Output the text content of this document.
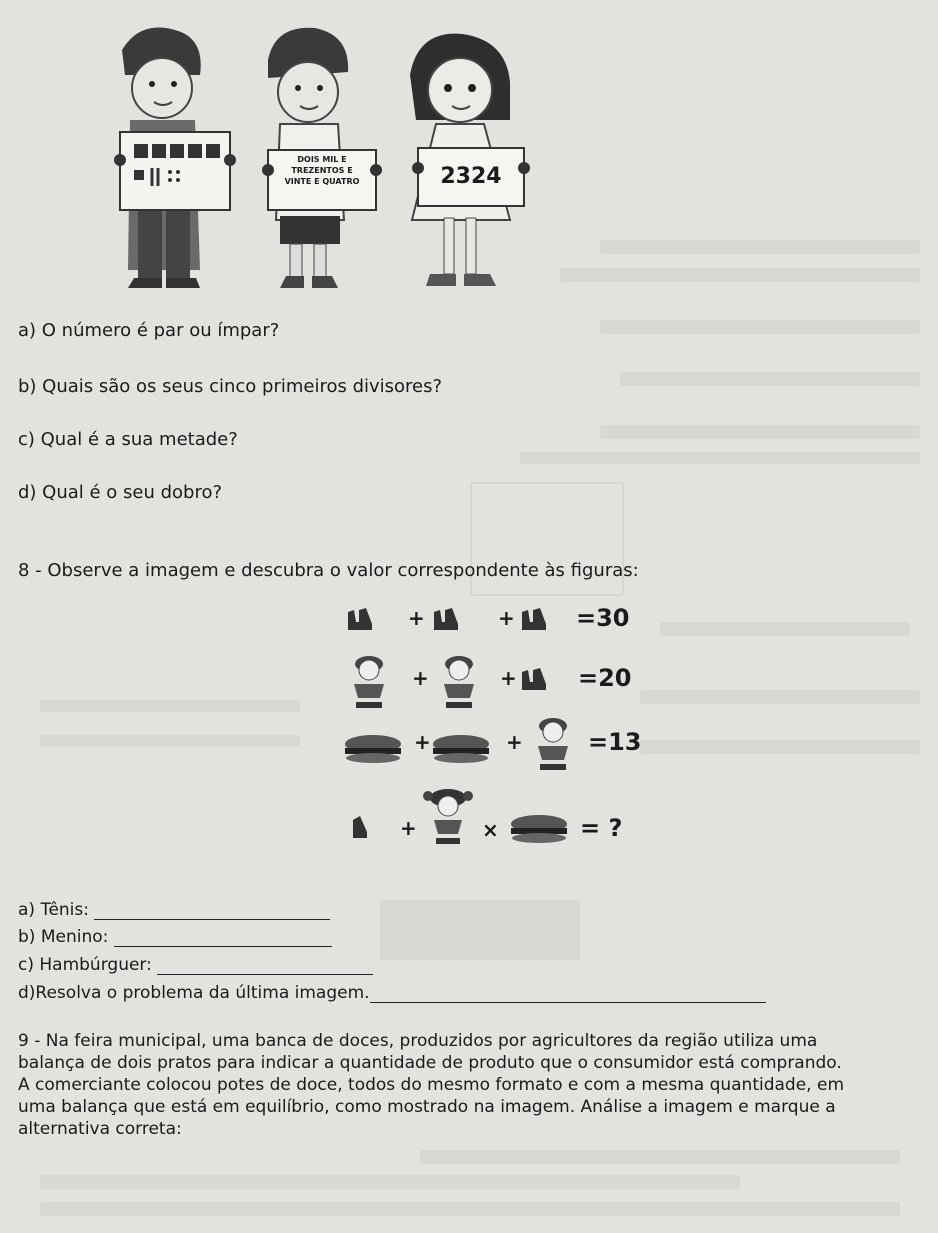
DOIS MIL E
TREZENTOS E
VINTE E QUATRO	2324
a) O número é par ou ímpar?
b) Quais são os seus cinco primeiros divisores?
c) Qual é a sua metade?
d) Qual é o seu dobro?
8 - Observe a imagem e descubra o valor correspondente às figuras:
+	+	=30
+	+	=20
+	+	=13
+	×	= ?
a) Tênis:
b) Menino:
c) Hambúrguer:
d)Resolva o problema da última imagem.
9 - Na feira municipal, uma banca de doces, produzidos por agricultores da região utiliza uma
balança de dois pratos para indicar a quantidade de produto que o consumidor está comprando.
A comerciante colocou potes de doce, todos do mesmo formato e com a mesma quantidade, em
uma balança que está em equilíbrio, como mostrado na imagem. Análise a imagem e marque a
alternativa correta:
